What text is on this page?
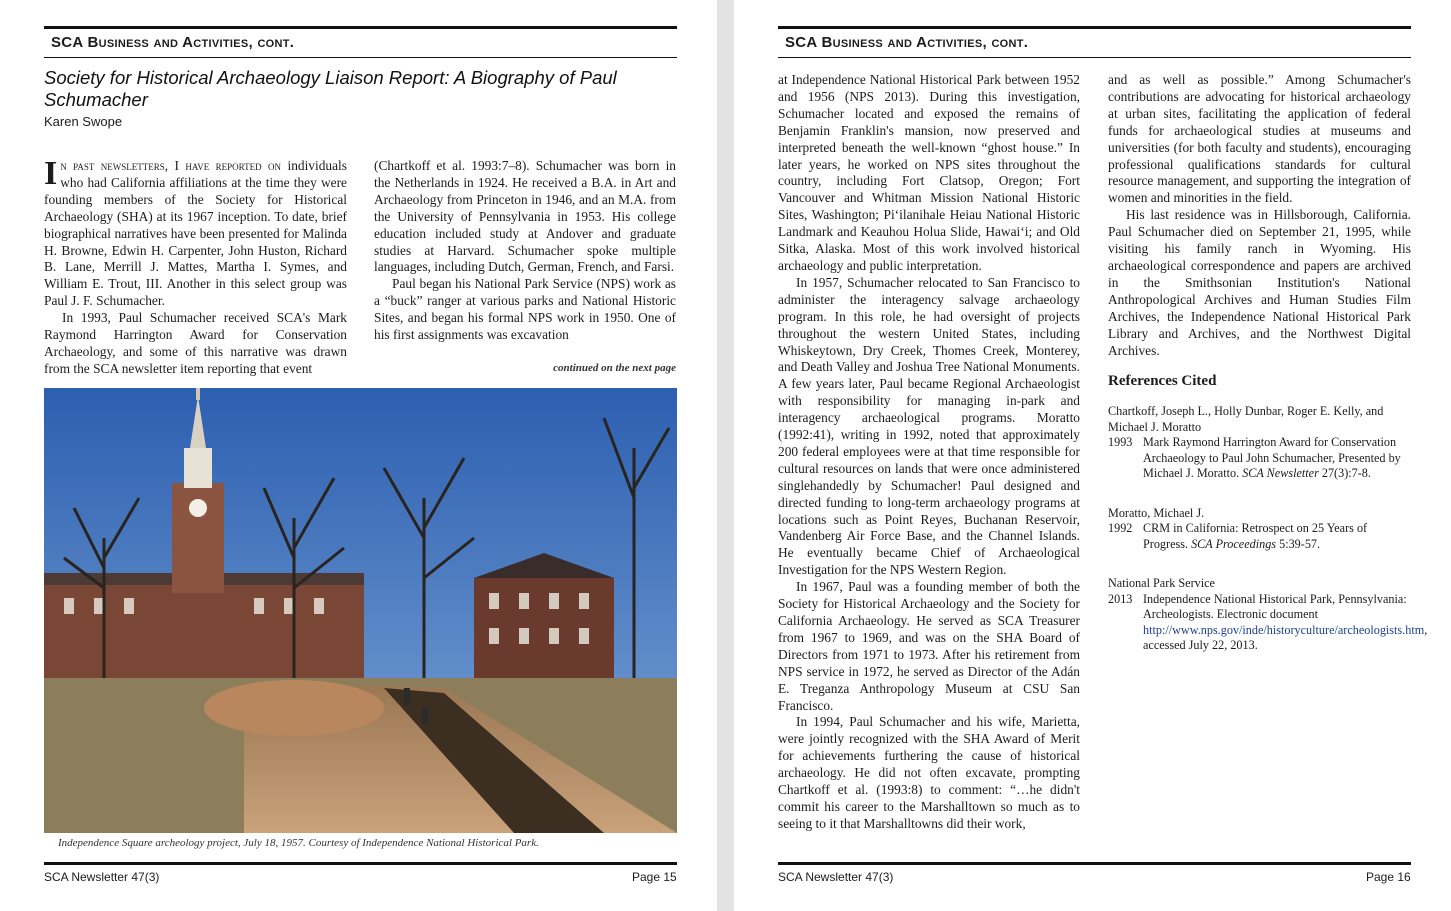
SCA Business and Activities, cont.
Society for Historical Archaeology Liaison Report: A Biography of Paul Schumacher
Karen Swope

In past newsletters, I have reported on individuals who had California affiliations at the time they were founding members of the Society for Historical Archaeology (SHA) at its 1967 inception. To date, brief biographical narratives have been presented for Malinda H. Browne, Edwin H. Carpenter, John Huston, Richard B. Lane, Merrill J. Mattes, Martha I. Symes, and William E. Trout, III. Another in this select group was Paul J. F. Schumacher.

In 1993, Paul Schumacher received SCA's Mark Raymond Harrington Award for Conservation Archaeology, and some of this narrative was drawn from the SCA newsletter item reporting that event

(Chartkoff et al. 1993:7–8). Schumacher was born in the Netherlands in 1924. He received a B.A. in Art and Archaeology from Princeton in 1946, and an M.A. from the University of Pennsylvania in 1953. His college education included study at Andover and graduate studies at Harvard. Schumacher spoke multiple languages, including Dutch, German, French, and Farsi.

Paul began his National Park Service (NPS) work as a “buck” ranger at various parks and National Historic Sites, and began his formal NPS work in 1950. One of his first assignments was excavation

continued on the next page
Independence Square archeology project, July 18, 1957. Courtesy of Independence National Historical Park.
SCA Newsletter 47(3)	Page 15
SCA Business and Activities, cont.

at Independence National Historical Park between 1952 and 1956 (NPS 2013). During this investigation, Schumacher located and exposed the remains of Benjamin Franklin's mansion, now preserved and interpreted beneath the well-known “ghost house.” In later years, he worked on NPS sites throughout the country, including Fort Clatsop, Oregon; Fort Vancouver and Whitman Mission National Historic Sites, Washington; Pi‘ilanihale Heiau National Historic Landmark and Keauhou Holua Slide, Hawai‘i; and Old Sitka, Alaska. Most of this work involved historical archaeology and public interpretation.

In 1957, Schumacher relocated to San Francisco to administer the interagency salvage archaeology program. In this role, he had oversight of projects throughout the western United States, including Whiskeytown, Dry Creek, Thomes Creek, Monterey, and Death Valley and Joshua Tree National Monuments. A few years later, Paul became Regional Archaeologist with responsibility for managing in-park and interagency archaeological programs. Moratto (1992:41), writing in 1992, noted that approximately 200 federal employees were at that time responsible for cultural resources on lands that were once administered singlehandedly by Schumacher! Paul designed and directed funding to long-term archaeology programs at locations such as Point Reyes, Buchanan Reservoir, Vandenberg Air Force Base, and the Channel Islands. He eventually became Chief of Archaeological Investigation for the NPS Western Region.

In 1967, Paul was a founding member of both the Society for Historical Archaeology and the Society for California Archaeology. He served as SCA Treasurer from 1967 to 1969, and was on the SHA Board of Directors from 1971 to 1973. After his retirement from NPS service in 1972, he served as Director of the Adán E. Treganza Anthropology Museum at CSU San Francisco.

In 1994, Paul Schumacher and his wife, Marietta, were jointly recognized with the SHA Award of Merit for achievements furthering the cause of historical archaeology. He did not often excavate, prompting Chartkoff et al. (1993:8) to comment: “…he didn't commit his career to the Marshalltown so much as to seeing to it that Marshalltowns did their work,

and as well as possible.” Among Schumacher's contributions are advocating for historical archaeology at urban sites, facilitating the application of federal funds for archaeological studies at museums and universities (for both faculty and students), encouraging professional qualifications standards for cultural resource management, and supporting the integration of women and minorities in the field.

His last residence was in Hillsborough, California. Paul Schumacher died on September 21, 1995, while visiting his family ranch in Wyoming. His archaeological correspondence and papers are archived in the Smithsonian Institution's National Anthropological Archives and Human Studies Film Archives, the Independence National Historical Park Library and Archives, and the Northwest Digital Archives.

References Cited
Chartkoff, Joseph L., Holly Dunbar, Roger E. Kelly, and Michael J. Moratto
1993 Mark Raymond Harrington Award for Conservation Archaeology to Paul John Schumacher, Presented by Michael J. Moratto. SCA Newsletter 27(3):7-8.
Moratto, Michael J.
1992 CRM in California: Retrospect on 25 Years of Progress. SCA Proceedings 5:39-57.
National Park Service
2013 Independence National Historical Park, Pennsylvania: Archeologists. Electronic document http://www.nps.gov/inde/historyculture/archeologists.htm, accessed July 22, 2013.
SCA Newsletter 47(3)	Page 16
